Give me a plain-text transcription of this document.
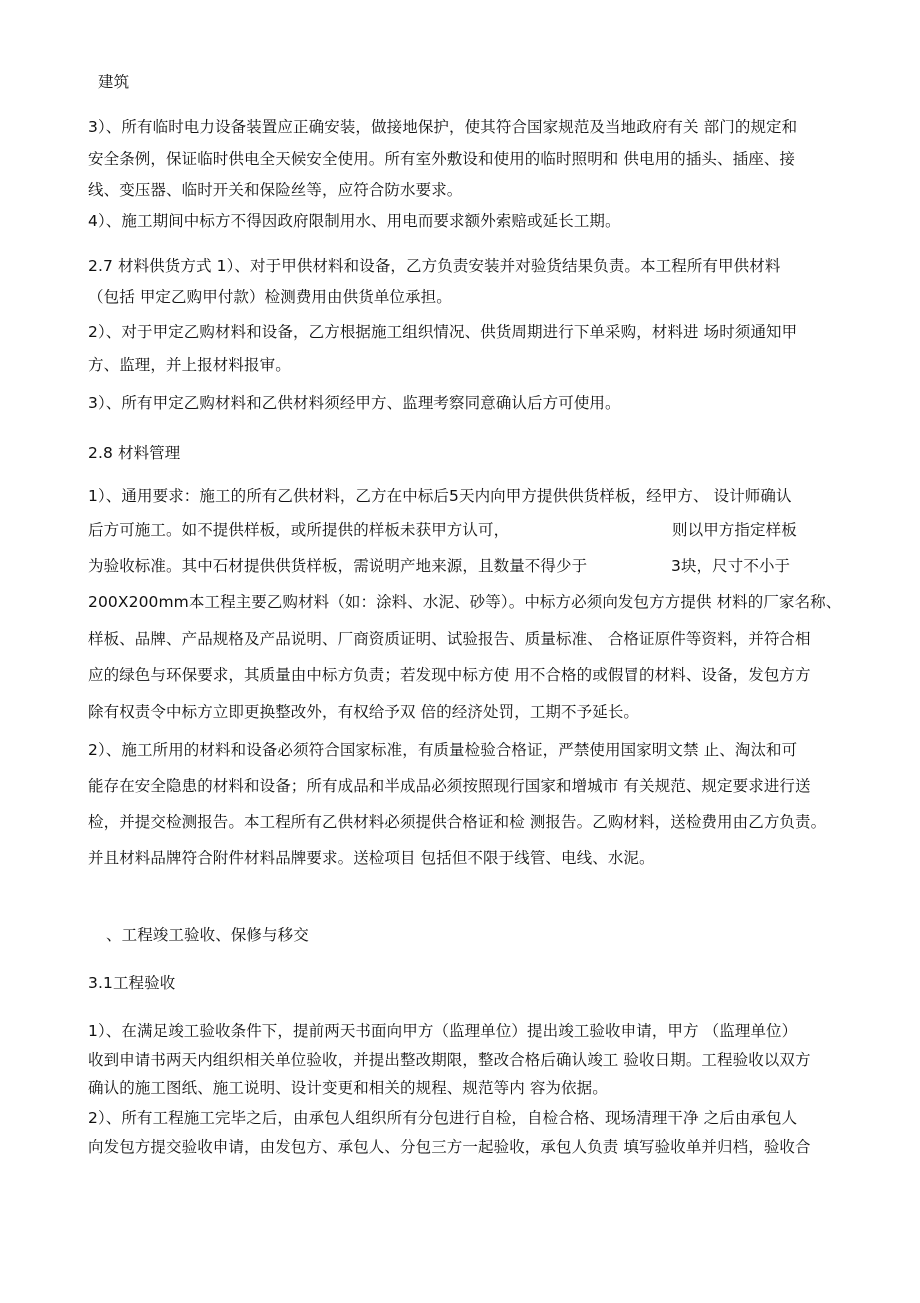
建筑
3）、所有临时电力设备装置应正确安装，做接地保护，使其符合国家规范及当地政府有关 部门的规定和
安全条例，保证临时供电全天候安全使用。所有室外敷设和使用的临时照明和 供电用的插头、插座、接
线、变压器、临时开关和保险丝等，应符合防水要求。
4）、施工期间中标方不得因政府限制用水、用电而要求额外索赔或延长工期。
2.7 材料供货方式 1）、对于甲供材料和设备，乙方负责安装并对验货结果负责。本工程所有甲供材料
（包括 甲定乙购甲付款）检测费用由供货单位承担。
2）、对于甲定乙购材料和设备，乙方根据施工组织情况、供货周期进行下单采购，材料进 场时须通知甲
方、监理，并上报材料报审。
3）、所有甲定乙购材料和乙供材料须经甲方、监理考察同意确认后方可使用。
2.8 材料管理
1）、通用要求：施工的所有乙供材料，乙方在中标后5天内向甲方提供供货样板，经甲方、 设计师确认
后方可施工。如不提供样板，或所提供的样板未获甲方认可，	则以甲方指定样板
为验收标准。其中石材提供供货样板，需说明产地来源，且数量不得少于	3块，尺寸不小于
200X200mm本工程主要乙购材料（如：涂料、水泥、砂等）。中标方必须向发包方方提供 材料的厂家名称、
样板、品牌、产品规格及产品说明、厂商资质证明、试验报告、质量标准、 合格证原件等资料，并符合相
应的绿色与环保要求，其质量由中标方负责；若发现中标方使 用不合格的或假冒的材料、设备，发包方方
除有权责令中标方立即更换整改外，有权给予双 倍的经济处罚，工期不予延长。
2）、施工所用的材料和设备必须符合国家标准，有质量检验合格证，严禁使用国家明文禁 止、淘汰和可
能存在安全隐患的材料和设备；所有成品和半成品必须按照现行国家和增城市 有关规范、规定要求进行送
检，并提交检测报告。本工程所有乙供材料必须提供合格证和检 测报告。乙购材料，送检费用由乙方负责。
并且材料品牌符合附件材料品牌要求。送检项目 包括但不限于线管、电线、水泥。
、工程竣工验收、保修与移交
3.1工程验收
1）、在满足竣工验收条件下，提前两天书面向甲方（监理单位）提出竣工验收申请，甲方 （监理单位）
收到申请书两天内组织相关单位验收，并提出整改期限，整改合格后确认竣工 验收日期。工程验收以双方
确认的施工图纸、施工说明、设计变更和相关的规程、规范等内 容为依据。
2）、所有工程施工完毕之后，由承包人组织所有分包进行自检，自检合格、现场清理干净 之后由承包人
向发包方提交验收申请，由发包方、承包人、分包三方一起验收，承包人负责 填写验收单并归档，验收合
